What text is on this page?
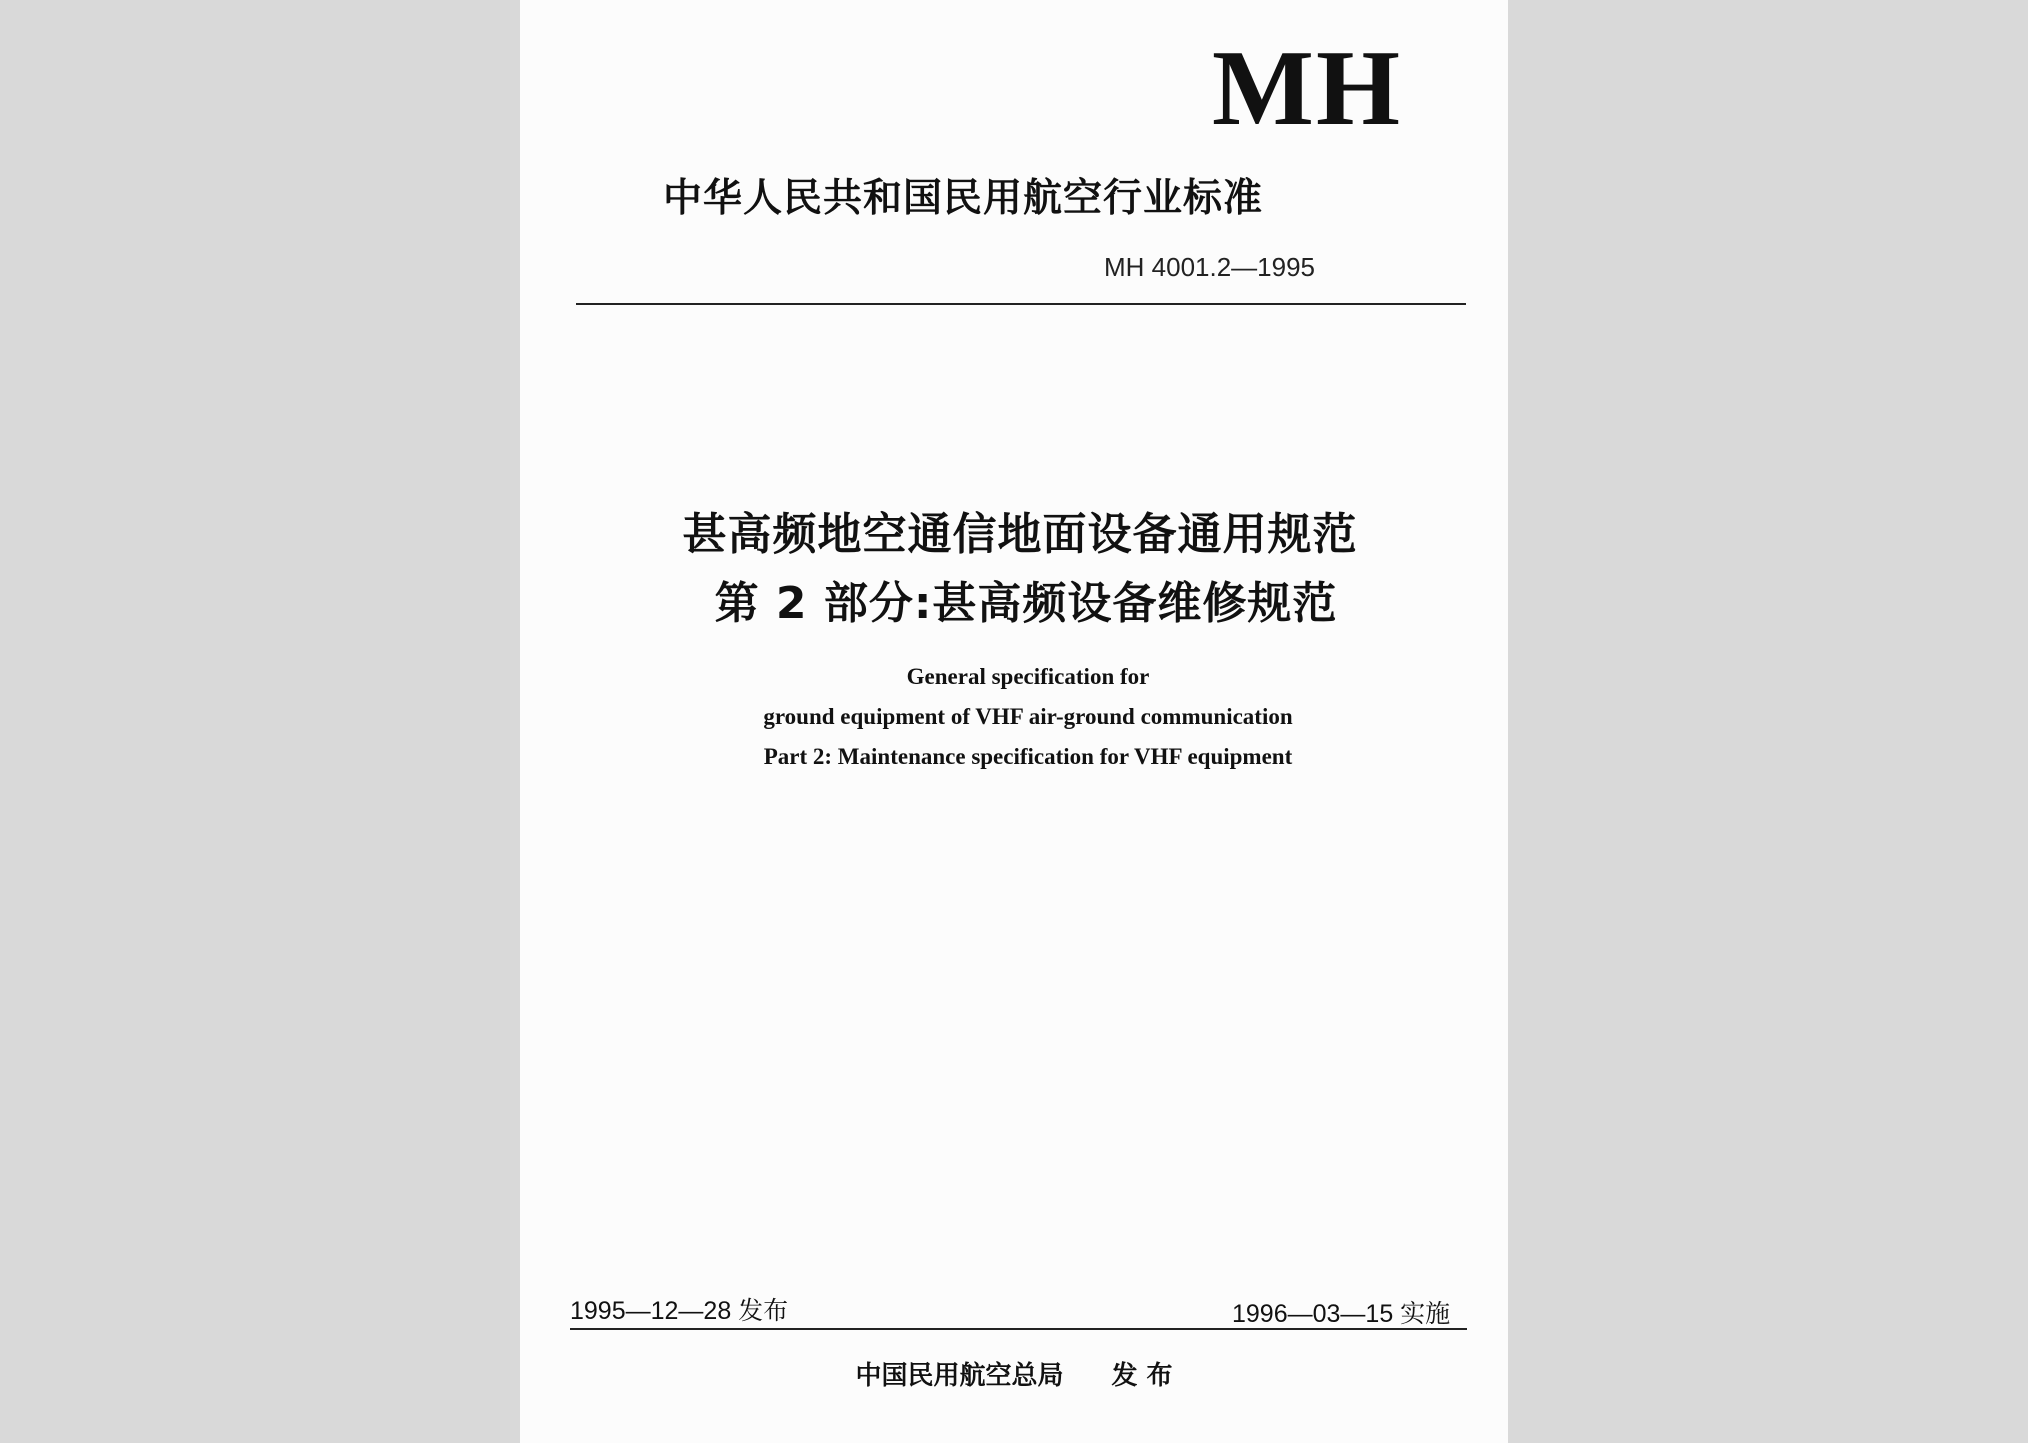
MH
中华人民共和国民用航空行业标准
MH 4001.2—1995
甚高频地空通信地面设备通用规范
第 2 部分:甚高频设备维修规范
General specification for
ground equipment of VHF air-ground communication
Part 2: Maintenance specification for VHF equipment
1995—12—28 发布	1996—03—15 实施
中国民用航空总局 发 布
